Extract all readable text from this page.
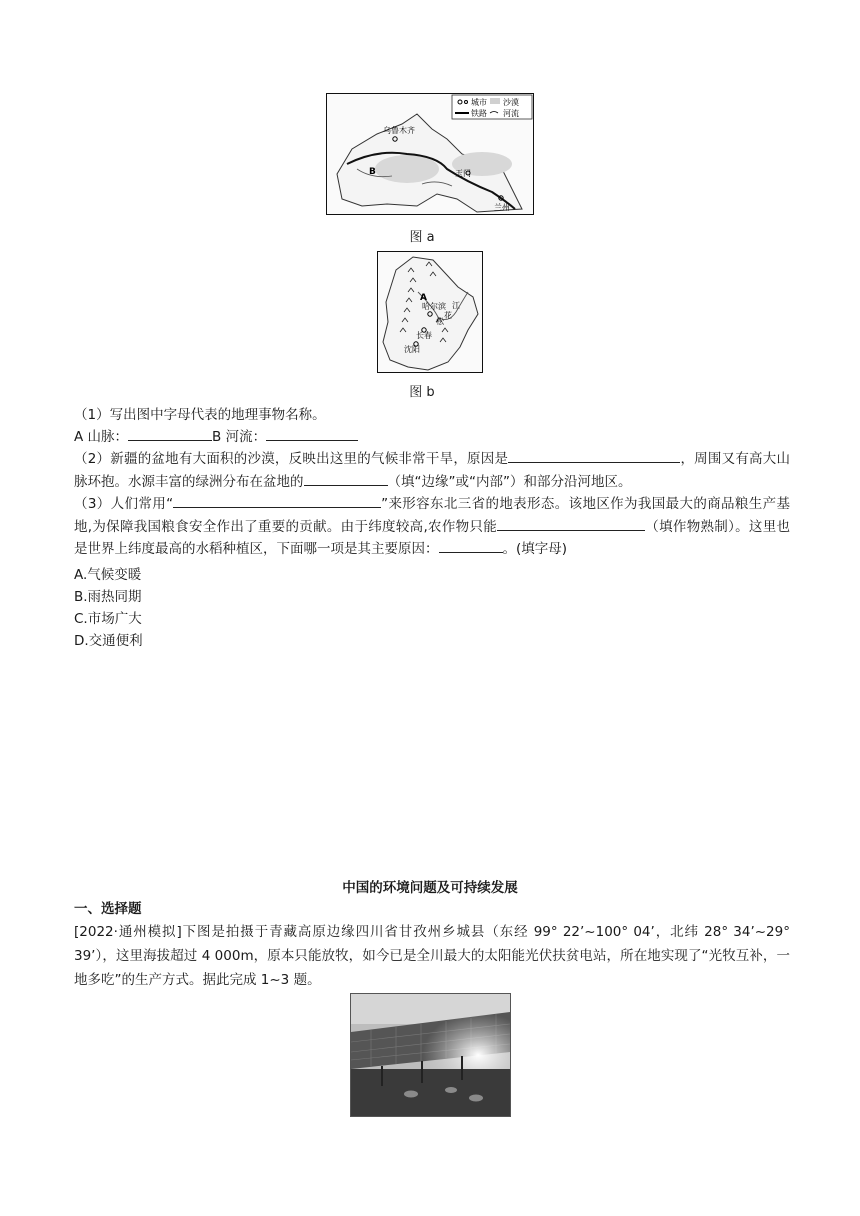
乌鲁木齐
B	玉门
兰州
城市 沙漠
铁路 河流
图 a
A
哈尔滨 江
松
花
长春
沈阳
图 b
（1）写出图中字母代表的地理事物名称。
A 山脉：	B 河流：
（2）新疆的盆地有大面积的沙漠，反映出这里的气候非常干旱，原因是	，周围又有高大山脉环抱。水源丰富的绿洲分布在盆地的	（填“边缘”或“内部”）和部分沿河地区。
（3）人们常用“	”来形容东北三省的地表形态。该地区作为我国最大的商品粮生产基地,为保障我国粮食安全作出了重要的贡献。由于纬度较高,农作物只能	（填作物熟制）。这里也是世界上纬度最高的水稻种植区，下面哪一项是其主要原因：	。(填字母)
A.气候变暖
B.雨热同期
C.市场广大
D.交通便利
中国的环境问题及可持续发展
一、选择题
[2022·通州模拟]下图是拍摄于青藏高原边缘四川省甘孜州乡城县（东经 99° 22’~100° 04’，北纬 28° 34’~29° 39’），这里海拔超过 4 000m，原本只能放牧，如今已是全川最大的太阳能光伏扶贫电站，所在地实现了“光牧互补，一地多吃”的生产方式。据此完成 1~3 题。
